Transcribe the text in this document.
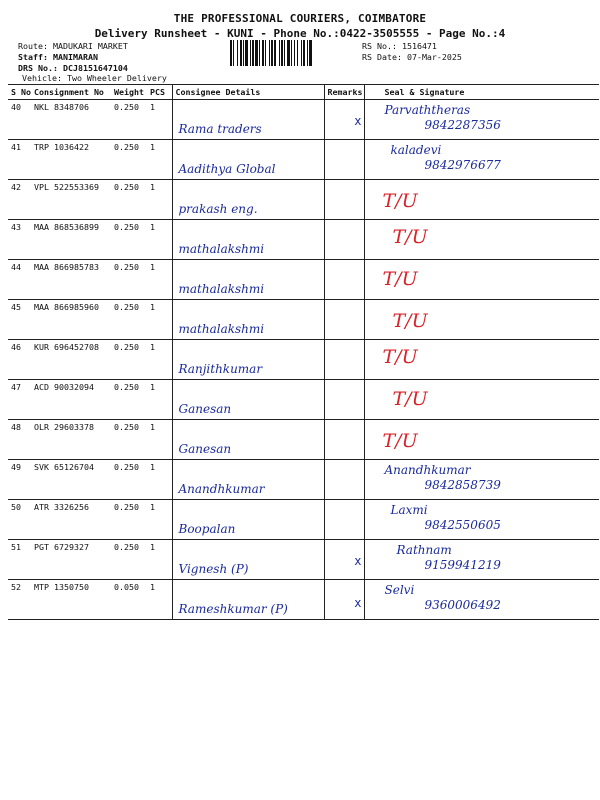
THE PROFESSIONAL COURIERS, COIMBATORE
Delivery Runsheet - KUNI - Phone No.:0422-3505555 - Page No.:4
Route: MADUKARI MARKET
Staff: MANIMARAN
DRS No.: DCJ8151647104
Vehicle: Two Wheeler Delivery
RS No.: 1516471
RS Date: 07-Mar-2025
S No	Consignment No	Weight	PCS	Consignee Details	Remarks	Seal & Signature
40	NKL 8348706	0.250	1	Rama traders	x	Parvaththeras
9842287356

41	TRP 1036422	0.250	1	Aadithya Global		kaladevi
9842976677

42	VPL 522553369	0.250	1	prakash eng.		T/U

43	MAA 868536899	0.250	1	mathalakshmi		T/U

44	MAA 866985783	0.250	1	mathalakshmi		T/U

45	MAA 866985960	0.250	1	mathalakshmi		T/U

46	KUR 696452708	0.250	1	Ranjithkumar		T/U

47	ACD 90032094	0.250	1	Ganesan		T/U

48	OLR 29603378	0.250	1	Ganesan		T/U

49	SVK 65126704	0.250	1	Anandhkumar		Anandhkumar
9842858739

50	ATR 3326256	0.250	1	Boopalan		Laxmi
9842550605

51	PGT 6729327	0.250	1	Vignesh (P)	x	Rathnam
9159941219

52	MTP 1350750	0.050	1	Rameshkumar (P)	x	Selvi
9360006492
